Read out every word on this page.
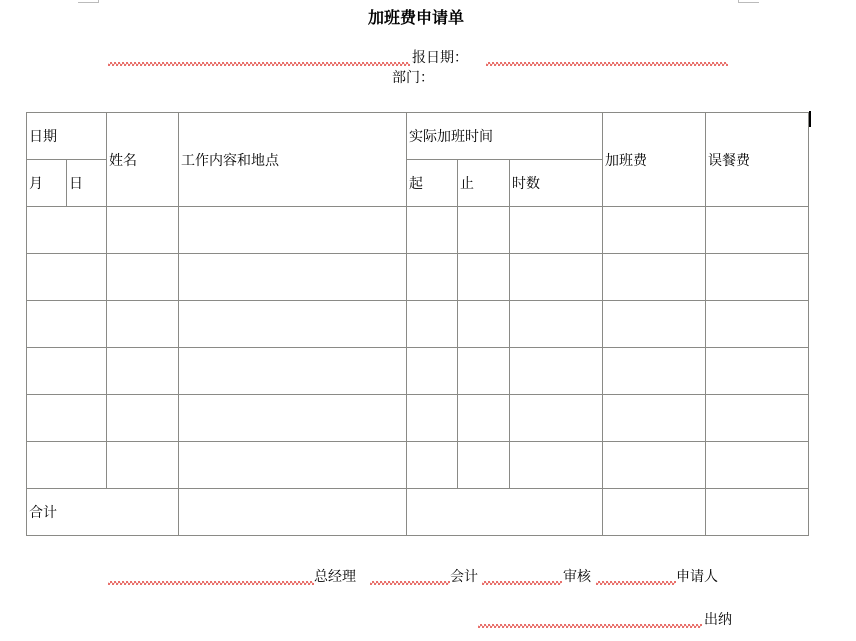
加班费申请单
报日期：
部门：
日期		姓名	工作内容和地点	实际加班时间			加班费	误餐费
月	日			起	止	时数		

合计								
总经理	会计	审核	申请人
出纳
